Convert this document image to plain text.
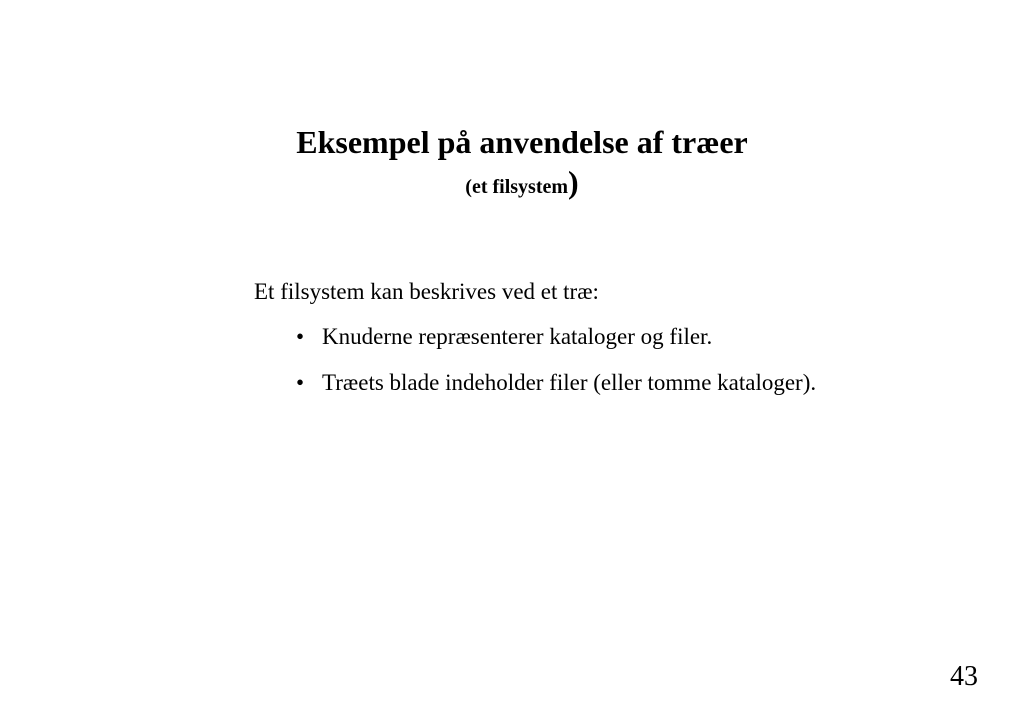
Eksempel på anvendelse af træer
(et filsystem)
Et filsystem kan beskrives ved et træ:
• Knuderne repræsenterer kataloger og filer.
• Træets blade indeholder filer (eller tomme kataloger).
43
